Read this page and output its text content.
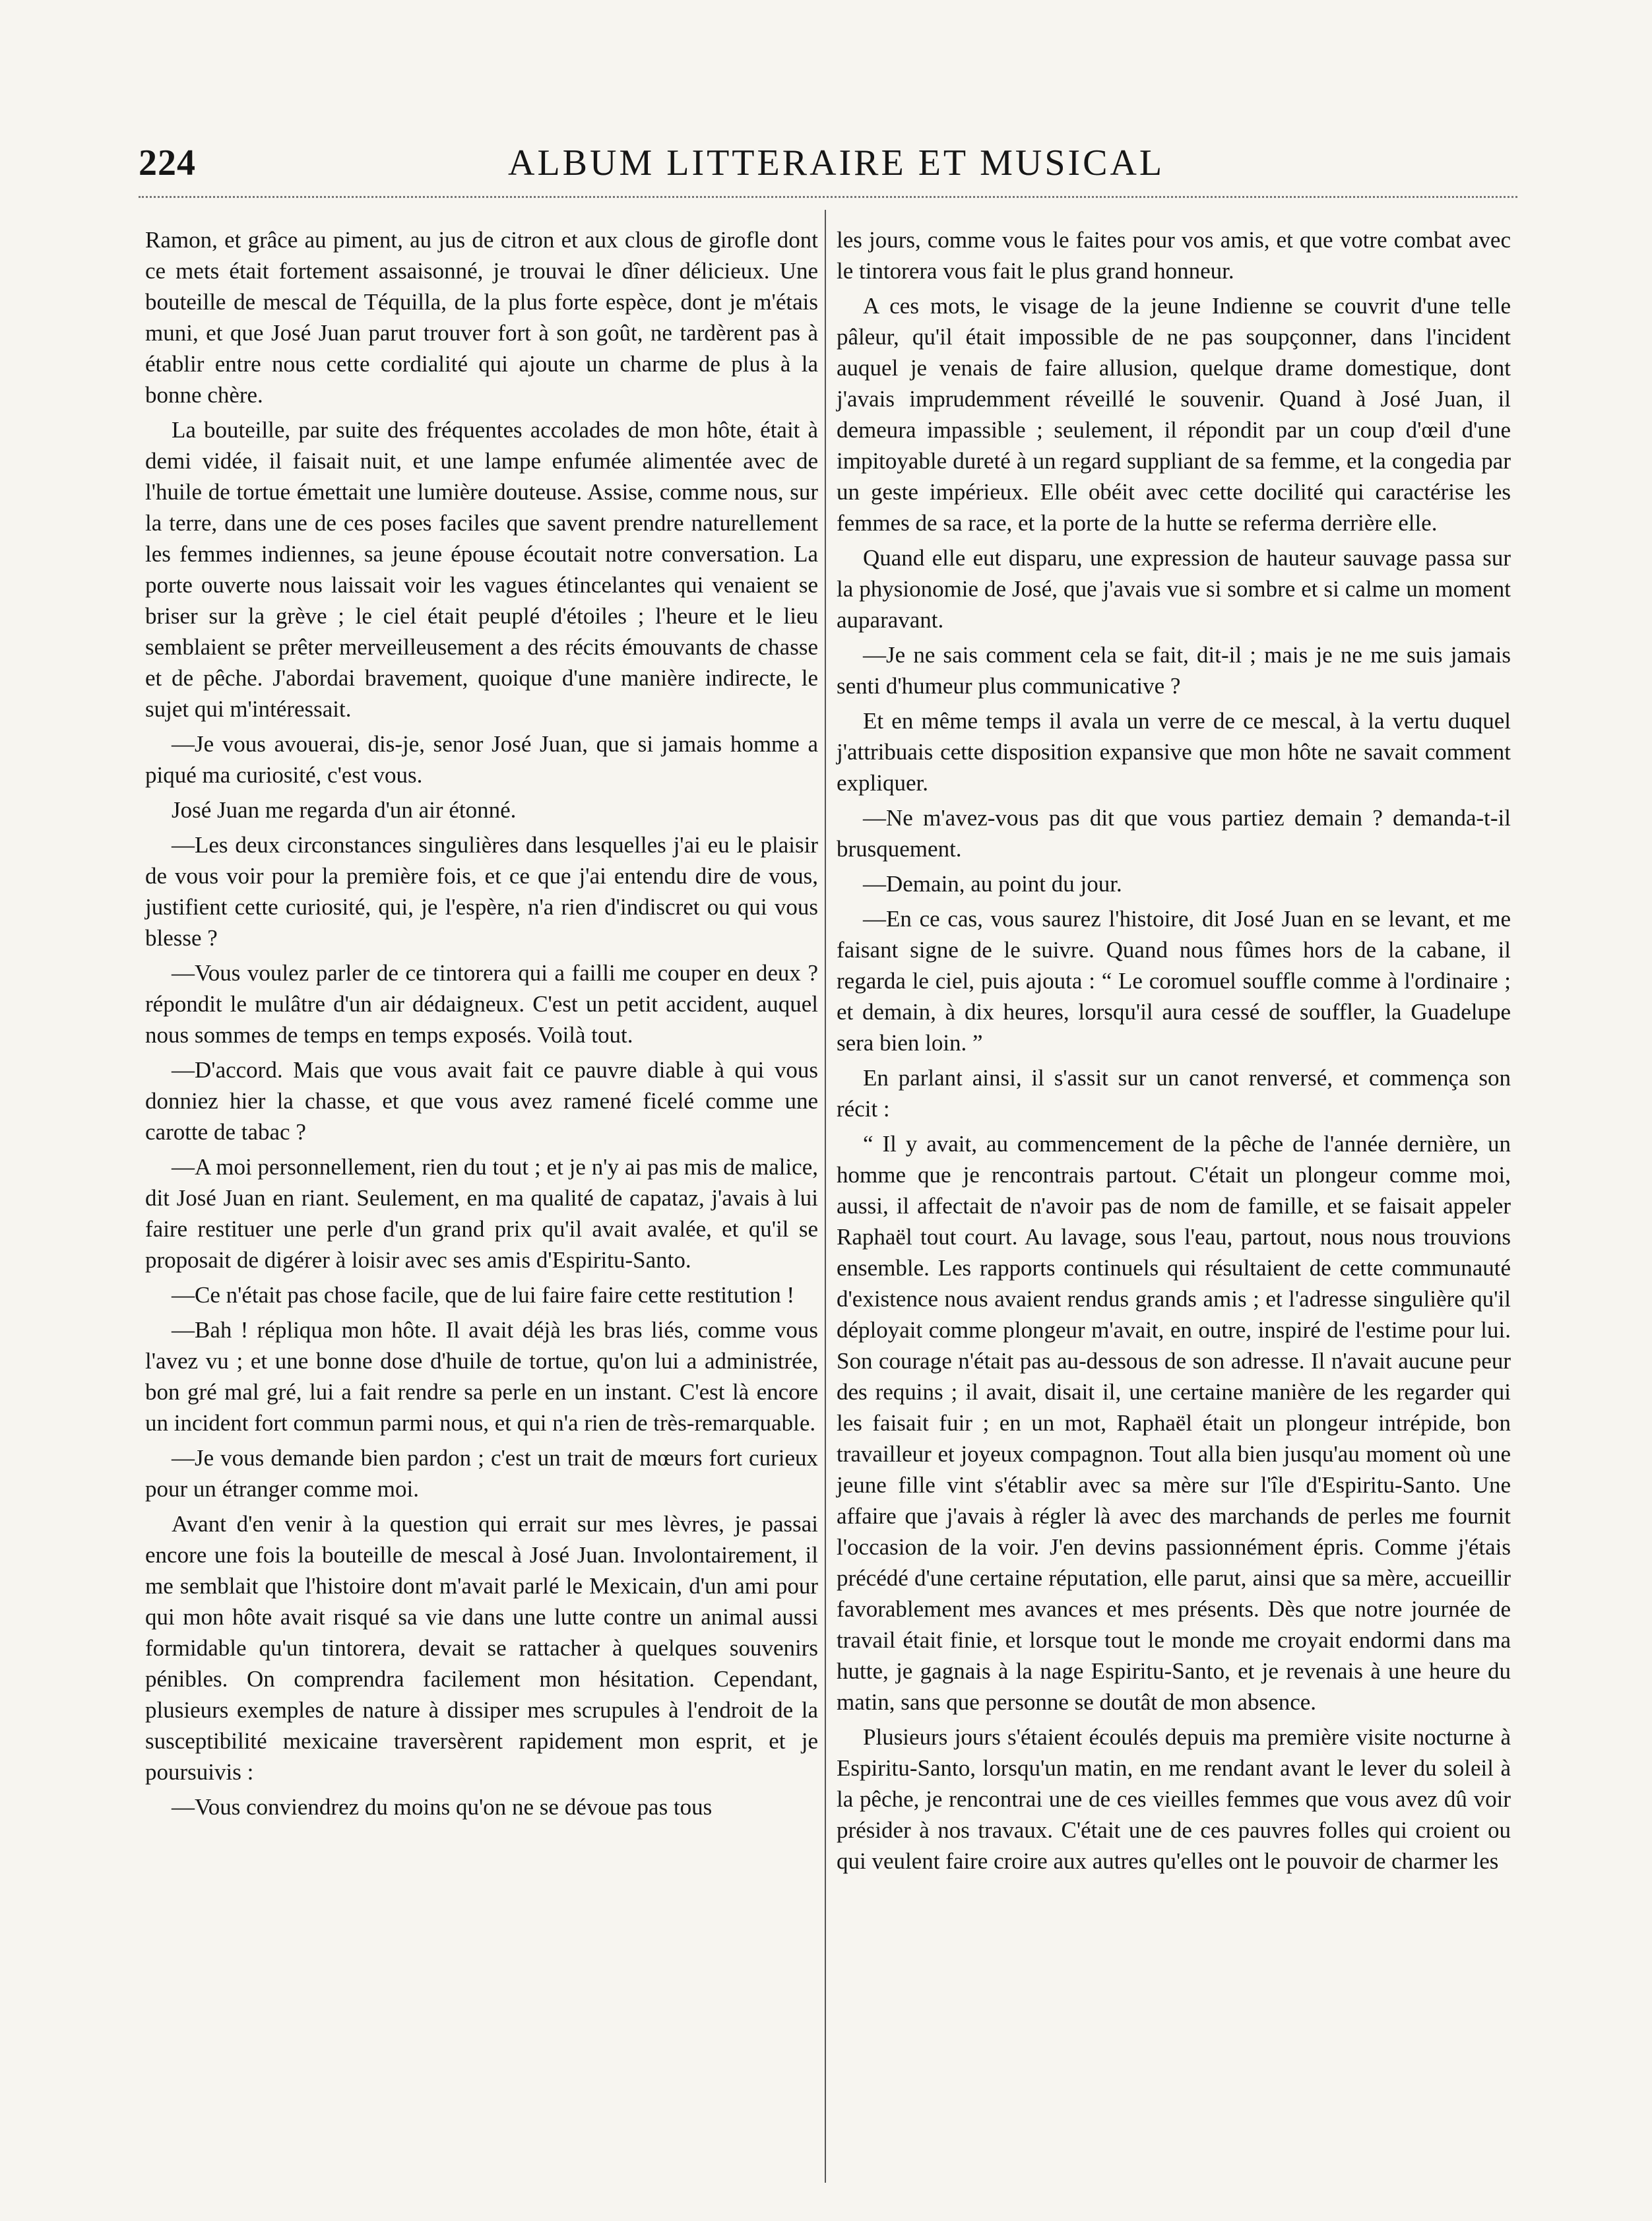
224	ALBUM LITTERAIRE ET MUSICAL

Ramon, et grâce au piment, au jus de citron et aux clous de girofle dont ce mets était fortement assaisonné, je trouvai le dîner délicieux. Une bouteille de mescal de Téquilla, de la plus forte espèce, dont je m'étais muni, et que José Juan parut trouver fort à son goût, ne tardèrent pas à établir entre nous cette cordialité qui ajoute un charme de plus à la bonne chère.

La bouteille, par suite des fréquentes accolades de mon hôte, était à demi vidée, il faisait nuit, et une lampe enfumée alimentée avec de l'huile de tortue émettait une lumière douteuse. Assise, comme nous, sur la terre, dans une de ces poses faciles que savent prendre naturellement les femmes indiennes, sa jeune épouse écoutait notre conversation. La porte ouverte nous laissait voir les vagues étincelantes qui venaient se briser sur la grève ; le ciel était peuplé d'étoiles ; l'heure et le lieu semblaient se prêter merveilleusement a des récits émouvants de chasse et de pêche. J'abordai bravement, quoique d'une manière indirecte, le sujet qui m'intéressait.

—Je vous avouerai, dis-je, senor José Juan, que si jamais homme a piqué ma curiosité, c'est vous.

José Juan me regarda d'un air étonné.

—Les deux circonstances singulières dans lesquelles j'ai eu le plaisir de vous voir pour la première fois, et ce que j'ai entendu dire de vous, justifient cette curiosité, qui, je l'espère, n'a rien d'indiscret ou qui vous blesse ?

—Vous voulez parler de ce tintorera qui a failli me couper en deux ? répondit le mulâtre d'un air dédaigneux. C'est un petit accident, auquel nous sommes de temps en temps exposés. Voilà tout.

—D'accord. Mais que vous avait fait ce pauvre diable à qui vous donniez hier la chasse, et que vous avez ramené ficelé comme une carotte de tabac ?

—A moi personnellement, rien du tout ; et je n'y ai pas mis de malice, dit José Juan en riant. Seulement, en ma qualité de capataz, j'avais à lui faire restituer une perle d'un grand prix qu'il avait avalée, et qu'il se proposait de digérer à loisir avec ses amis d'Espiritu-Santo.

—Ce n'était pas chose facile, que de lui faire faire cette restitution !

—Bah ! répliqua mon hôte. Il avait déjà les bras liés, comme vous l'avez vu ; et une bonne dose d'huile de tortue, qu'on lui a administrée, bon gré mal gré, lui a fait rendre sa perle en un instant. C'est là encore un incident fort commun parmi nous, et qui n'a rien de très-remarquable.

—Je vous demande bien pardon ; c'est un trait de mœurs fort curieux pour un étranger comme moi.

Avant d'en venir à la question qui errait sur mes lèvres, je passai encore une fois la bouteille de mescal à José Juan. Involontairement, il me semblait que l'histoire dont m'avait parlé le Mexicain, d'un ami pour qui mon hôte avait risqué sa vie dans une lutte contre un animal aussi formidable qu'un tintorera, devait se rattacher à quelques souvenirs pénibles. On comprendra facilement mon hésitation. Cependant, plusieurs exemples de nature à dissiper mes scrupules à l'endroit de la susceptibilité mexicaine traversèrent rapidement mon esprit, et je poursuivis :

—Vous conviendrez du moins qu'on ne se dévoue pas tous

les jours, comme vous le faites pour vos amis, et que votre combat avec le tintorera vous fait le plus grand honneur.

A ces mots, le visage de la jeune Indienne se couvrit d'une telle pâleur, qu'il était impossible de ne pas soupçonner, dans l'incident auquel je venais de faire allusion, quelque drame domestique, dont j'avais imprudemment réveillé le souvenir. Quand à José Juan, il demeura impassible ; seulement, il répondit par un coup d'œil d'une impitoyable dureté à un regard suppliant de sa femme, et la congedia par un geste impérieux. Elle obéit avec cette docilité qui caractérise les femmes de sa race, et la porte de la hutte se referma derrière elle.

Quand elle eut disparu, une expression de hauteur sauvage passa sur la physionomie de José, que j'avais vue si sombre et si calme un moment auparavant.

—Je ne sais comment cela se fait, dit-il ; mais je ne me suis jamais senti d'humeur plus communicative ?

Et en même temps il avala un verre de ce mescal, à la vertu duquel j'attribuais cette disposition expansive que mon hôte ne savait comment expliquer.

—Ne m'avez-vous pas dit que vous partiez demain ? demanda-t-il brusquement.

—Demain, au point du jour.

—En ce cas, vous saurez l'histoire, dit José Juan en se levant, et me faisant signe de le suivre. Quand nous fûmes hors de la cabane, il regarda le ciel, puis ajouta : “ Le coromuel souffle comme à l'ordinaire ; et demain, à dix heures, lorsqu'il aura cessé de souffler, la Guadelupe sera bien loin. ”

En parlant ainsi, il s'assit sur un canot renversé, et commença son récit :

“ Il y avait, au commencement de la pêche de l'année dernière, un homme que je rencontrais partout. C'était un plongeur comme moi, aussi, il affectait de n'avoir pas de nom de famille, et se faisait appeler Raphaël tout court. Au lavage, sous l'eau, partout, nous nous trouvions ensemble. Les rapports continuels qui résultaient de cette communauté d'existence nous avaient rendus grands amis ; et l'adresse singulière qu'il déployait comme plongeur m'avait, en outre, inspiré de l'estime pour lui. Son courage n'était pas au-dessous de son adresse. Il n'avait aucune peur des requins ; il avait, disait il, une certaine manière de les regarder qui les faisait fuir ; en un mot, Raphaël était un plongeur intrépide, bon travailleur et joyeux compagnon. Tout alla bien jusqu'au moment où une jeune fille vint s'établir avec sa mère sur l'île d'Espiritu-Santo. Une affaire que j'avais à régler là avec des marchands de perles me fournit l'occasion de la voir. J'en devins passionnément épris. Comme j'étais précédé d'une certaine réputation, elle parut, ainsi que sa mère, accueillir favorablement mes avances et mes présents. Dès que notre journée de travail était finie, et lorsque tout le monde me croyait endormi dans ma hutte, je gagnais à la nage Espiritu-Santo, et je revenais à une heure du matin, sans que personne se doutât de mon absence.

Plusieurs jours s'étaient écoulés depuis ma première visite nocturne à Espiritu-Santo, lorsqu'un matin, en me rendant avant le lever du soleil à la pêche, je rencontrai une de ces vieilles femmes que vous avez dû voir présider à nos travaux. C'était une de ces pauvres folles qui croient ou qui veulent faire croire aux autres qu'elles ont le pouvoir de charmer les
